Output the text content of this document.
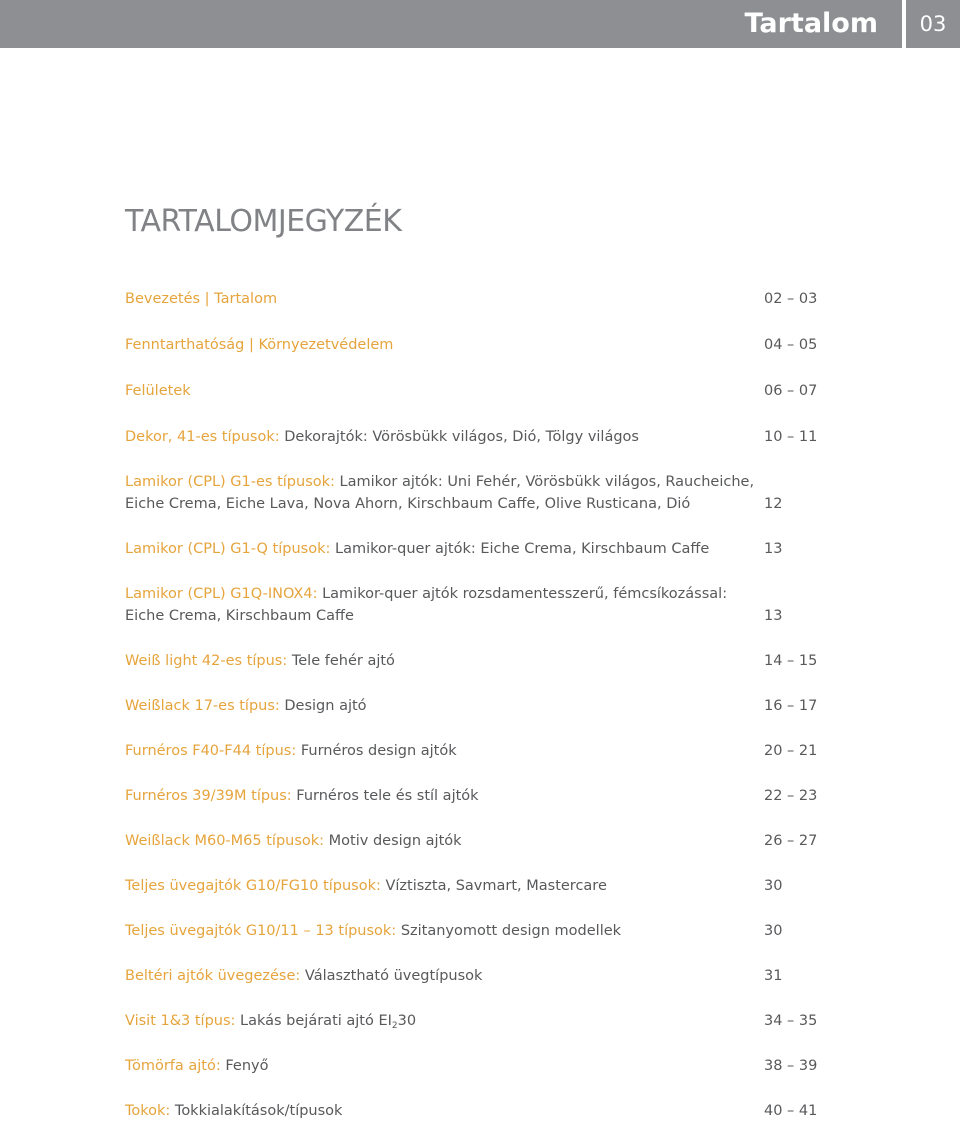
Tartalom	03
TARTALOMJEGYZÉK
Bevezetés | Tartalom	02 – 03
Fenntarthatóság | Környezetvédelem	04 – 05
Felületek	06 – 07
Dekor, 41-es típusok: Dekorajtók: Vörösbükk világos, Dió, Tölgy világos	10 – 11
Lamikor (CPL) G1-es típusok: Lamikor ajtók: Uni Fehér, Vörösbükk világos, Raucheiche,
Eiche Crema, Eiche Lava, Nova Ahorn, Kirschbaum Caffe, Olive Rusticana, Dió	12
Lamikor (CPL) G1-Q típusok: Lamikor-quer ajtók: Eiche Crema, Kirschbaum Caffe	13
Lamikor (CPL) G1Q-INOX4: Lamikor-quer ajtók rozsdamentesszerű, fémcsíkozással:
Eiche Crema, Kirschbaum Caffe	13
Weiß light 42-es típus: Tele fehér ajtó	14 – 15
Weißlack 17-es típus: Design ajtó	16 – 17
Furnéros F40-F44 típus: Furnéros design ajtók	20 – 21
Furnéros 39/39M típus: Furnéros tele és stíl ajtók	22 – 23
Weißlack M60-M65 típusok: Motiv design ajtók	26 – 27
Teljes üvegajtók G10/FG10 típusok: Víztiszta, Savmart, Mastercare	30
Teljes üvegajtók G10/11 – 13 típusok: Szitanyomott design modellek	30
Beltéri ajtók üvegezése: Választható üvegtípusok	31
Visit 1&3 típus: Lakás bejárati ajtó $EI_230$	34 – 35
Tömörfa ajtó: Fenyő	38 – 39
Tokok: Tokkialakítások/típusok	40 – 41
